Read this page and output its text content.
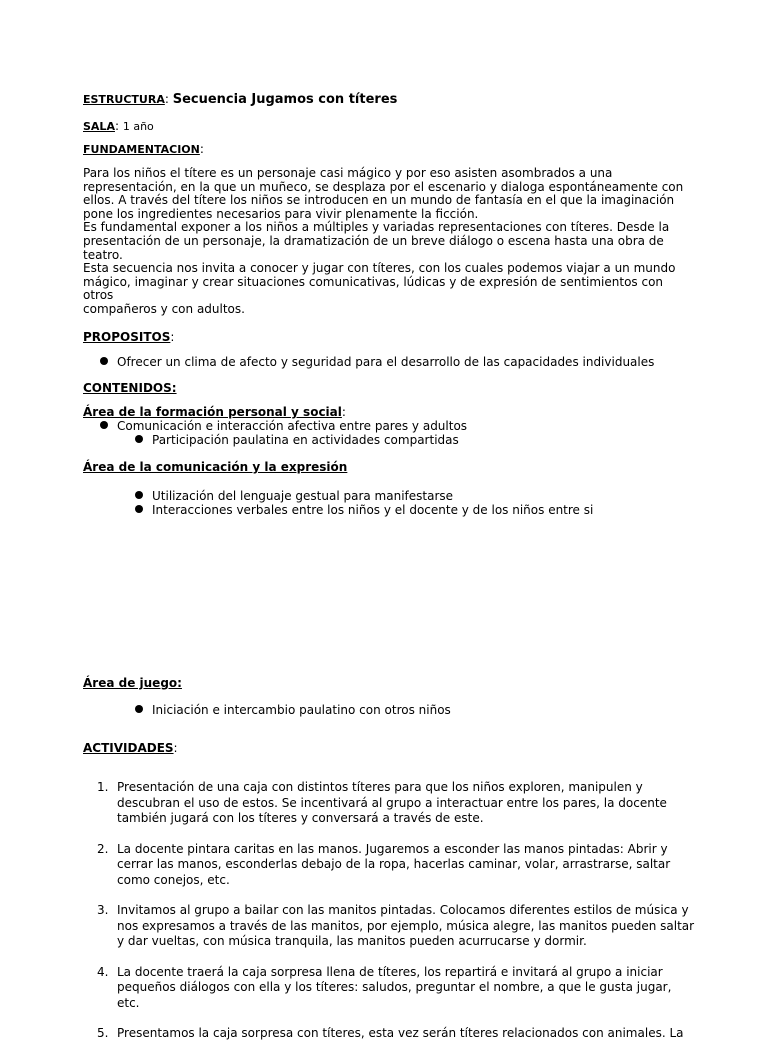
ESTRUCTURA: Secuencia Jugamos con títeres
SALA: 1 año
FUNDAMENTACION:

Para los niños el títere es un personaje casi mágico y por eso asisten asombrados a una

representación, en la que un muñeco, se desplaza por el escenario y dialoga espontáneamente con

ellos. A través del títere los niños se introducen en un mundo de fantasía en el que la imaginación

pone los ingredientes necesarios para vivir plenamente la ficción.

Es fundamental exponer a los niños a múltiples y variadas representaciones con títeres. Desde la

presentación de un personaje, la dramatización de un breve diálogo o escena hasta una obra de

teatro.

Esta secuencia nos invita a conocer y jugar con títeres, con los cuales podemos viajar a un mundo

mágico, imaginar y crear situaciones comunicativas, lúdicas y de expresión de sentimientos con otros

compañeros y con adultos.

PROPOSITOS:
Ofrecer un clima de afecto y seguridad para el desarrollo de las capacidades individuales
CONTENIDOS:
Área de la formación personal y social:
Comunicación e interacción afectiva entre pares y adultos
Participación paulatina en actividades compartidas
Área de la comunicación y la expresión
Utilización del lenguaje gestual para manifestarse
Interacciones verbales entre los niños y el docente y de los niños entre si
Área de juego:
Iniciación e intercambio paulatino con otros niños
ACTIVIDADES:
1. Presentación de una caja con distintos títeres para que los niños exploren, manipulen y
descubran el uso de estos. Se incentivará al grupo a interactuar entre los pares, la docente
también jugará con los títeres y conversará a través de este.
2. La docente pintara caritas en las manos. Jugaremos a esconder las manos pintadas: Abrir y
cerrar las manos, esconderlas debajo de la ropa, hacerlas caminar, volar, arrastrarse, saltar
como conejos, etc.
3. Invitamos al grupo a bailar con las manitos pintadas. Colocamos diferentes estilos de música y
nos expresamos a través de las manitos, por ejemplo, música alegre, las manitos pueden saltar
y dar vueltas, con música tranquila, las manitos pueden acurrucarse y dormir.
4. La docente traerá la caja sorpresa llena de títeres, los repartirá e invitará al grupo a iniciar
pequeños diálogos con ella y los títeres: saludos, preguntar el nombre, a que le gusta jugar, etc.
5. Presentamos la caja sorpresa con títeres, esta vez serán títeres relacionados con animales. La
